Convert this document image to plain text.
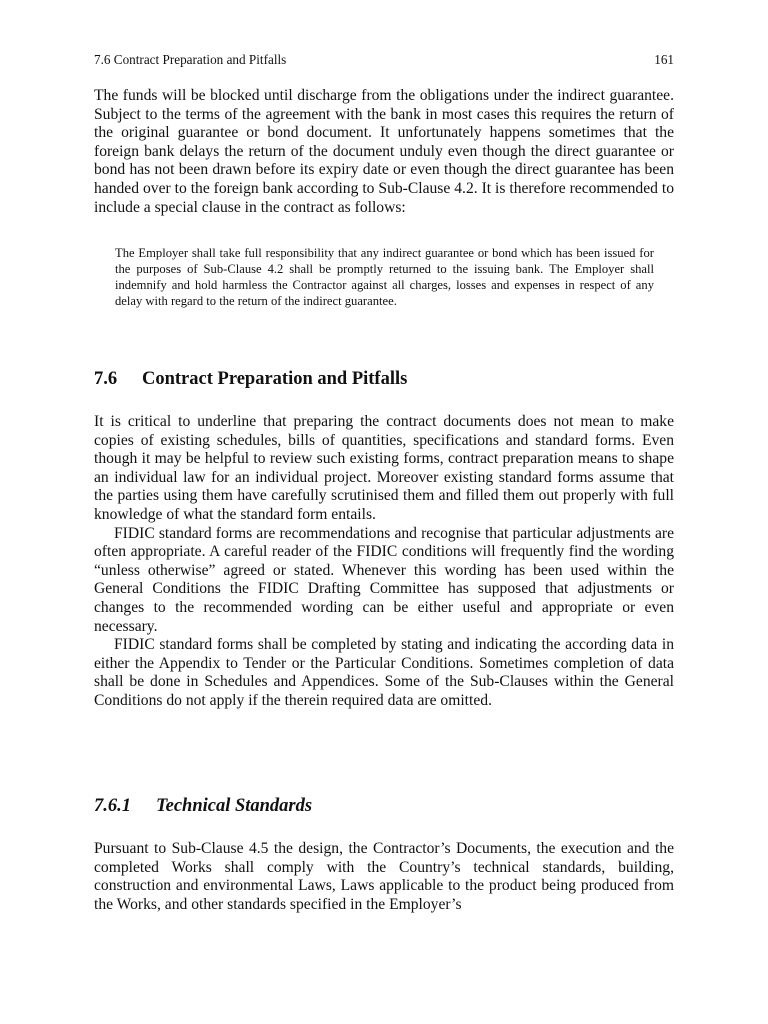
7.6 Contract Preparation and Pitfalls	161

The funds will be blocked until discharge from the obligations under the indirect guarantee. Subject to the terms of the agreement with the bank in most cases this requires the return of the original guarantee or bond document. It unfortunately happens sometimes that the foreign bank delays the return of the document unduly even though the direct guarantee or bond has not been drawn before its expiry date or even though the direct guarantee has been handed over to the foreign bank according to Sub-Clause 4.2. It is therefore recommended to include a special clause in the contract as follows:

The Employer shall take full responsibility that any indirect guarantee or bond which has been issued for the purposes of Sub-Clause 4.2 shall be promptly returned to the issuing bank. The Employer shall indemnify and hold harmless the Contractor against all charges, losses and expenses in respect of any delay with regard to the return of the indirect guarantee.
7.6 Contract Preparation and Pitfalls

It is critical to underline that preparing the contract documents does not mean to make copies of existing schedules, bills of quantities, specifications and standard forms. Even though it may be helpful to review such existing forms, contract preparation means to shape an individual law for an individual project. Moreover existing standard forms assume that the parties using them have carefully scrutinised them and filled them out properly with full knowledge of what the standard form entails.

FIDIC standard forms are recommendations and recognise that particular adjustments are often appropriate. A careful reader of the FIDIC conditions will frequently find the wording “unless otherwise” agreed or stated. Whenever this wording has been used within the General Conditions the FIDIC Drafting Committee has supposed that adjustments or changes to the recommended wording can be either useful and appropriate or even necessary.

FIDIC standard forms shall be completed by stating and indicating the according data in either the Appendix to Tender or the Particular Conditions. Sometimes completion of data shall be done in Schedules and Appendices. Some of the Sub-Clauses within the General Conditions do not apply if the therein required data are omitted.

7.6.1 Technical Standards

Pursuant to Sub-Clause 4.5 the design, the Contractor’s Documents, the execution and the completed Works shall comply with the Country’s technical standards, building, construction and environmental Laws, Laws applicable to the product being produced from the Works, and other standards specified in the Employer’s
